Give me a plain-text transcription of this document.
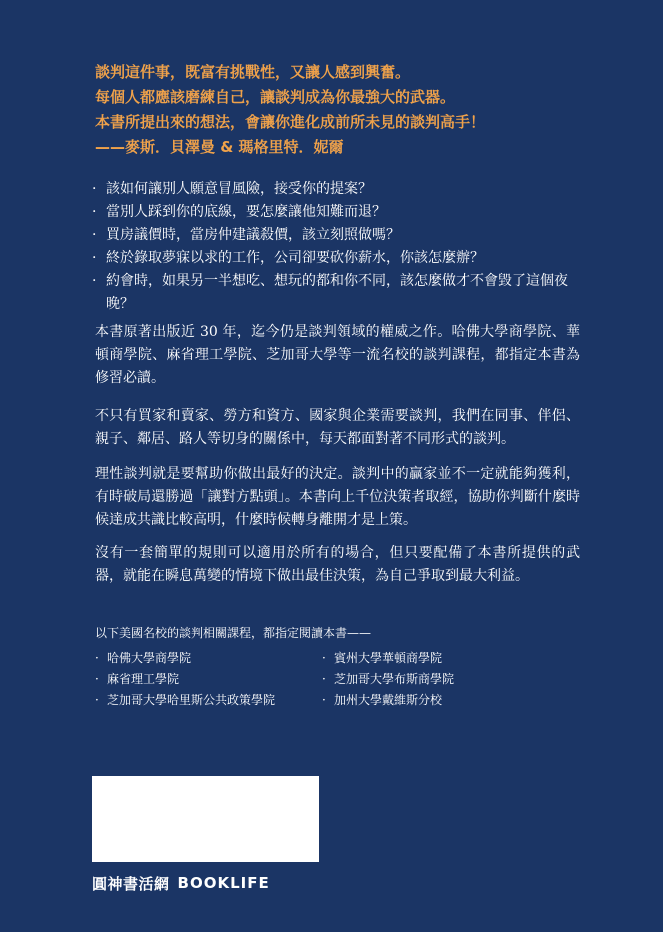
談判這件事，既富有挑戰性，又讓人感到興奮。
每個人都應該磨練自己，讓談判成為你最強大的武器。
本書所提出來的想法，會讓你進化成前所未見的談判高手！
——麥斯．貝澤曼 & 瑪格里特．妮爾
· 該如何讓別人願意冒風險，接受你的提案？
· 當別人踩到你的底線，要怎麼讓他知難而退？
· 買房議價時，當房仲建議殺價，該立刻照做嗎？
· 終於錄取夢寐以求的工作，公司卻要砍你薪水，你該怎麼辦？
· 約會時，如果另一半想吃、想玩的都和你不同，該怎麼做才不會毀了這個夜晚？
本書原著出版近 30 年，迄今仍是談判領域的權威之作。哈佛大學商學院、華頓商學院、麻省理工學院、芝加哥大學等一流名校的談判課程，都指定本書為修習必讀。
不只有買家和賣家、勞方和資方、國家與企業需要談判，我們在同事、伴侶、親子、鄰居、路人等切身的關係中，每天都面對著不同形式的談判。
理性談判就是要幫助你做出最好的決定。談判中的贏家並不一定就能夠獲利，有時破局還勝過「讓對方點頭」。本書向上千位決策者取經，協助你判斷什麼時候達成共識比較高明，什麼時候轉身離開才是上策。
沒有一套簡單的規則可以適用於所有的場合，但只要配備了本書所提供的武器，就能在瞬息萬變的情境下做出最佳決策，為自己爭取到最大利益。
以下美國名校的談判相關課程，都指定閱讀本書——
· 哈佛大學商學院
· 麻省理工學院
· 芝加哥大學哈里斯公共政策學院
· 賓州大學華頓商學院
· 芝加哥大學布斯商學院
· 加州大學戴維斯分校
圓神書活網 BOOKLIFE
